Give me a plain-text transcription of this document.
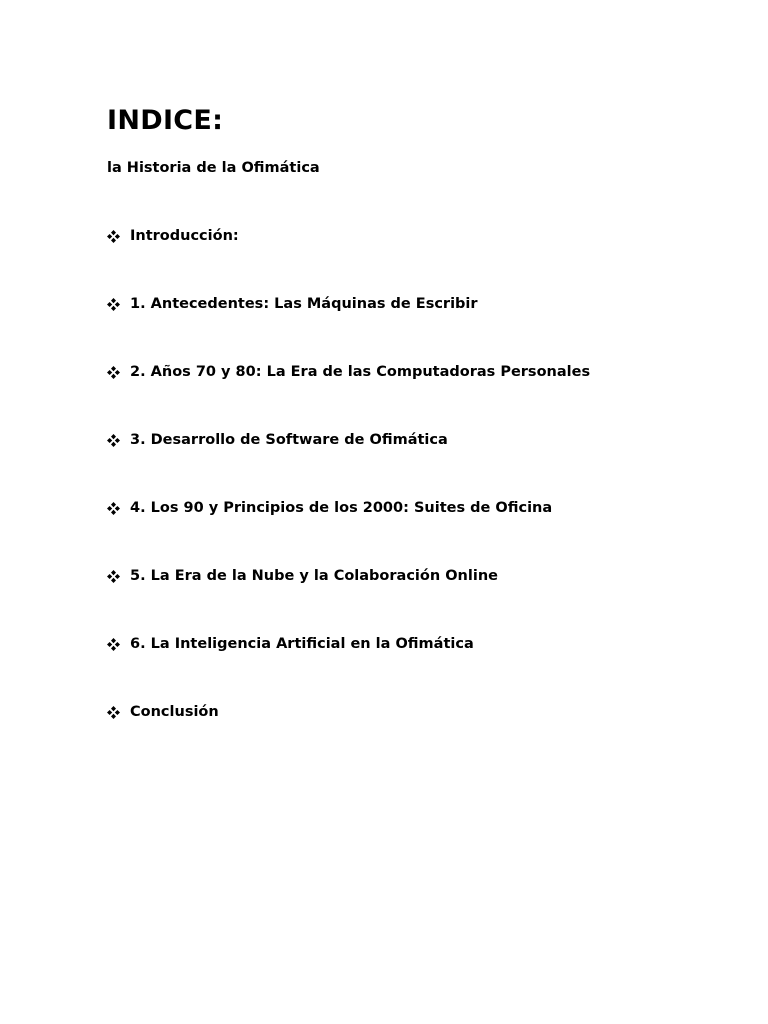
INDICE:

la Historia de la Ofimática

Introducción:
1. Antecedentes: Las Máquinas de Escribir
2. Años 70 y 80: La Era de las Computadoras Personales
3. Desarrollo de Software de Ofimática
4. Los 90 y Principios de los 2000: Suites de Oficina
5. La Era de la Nube y la Colaboración Online
6. La Inteligencia Artificial en la Ofimática
Conclusión
